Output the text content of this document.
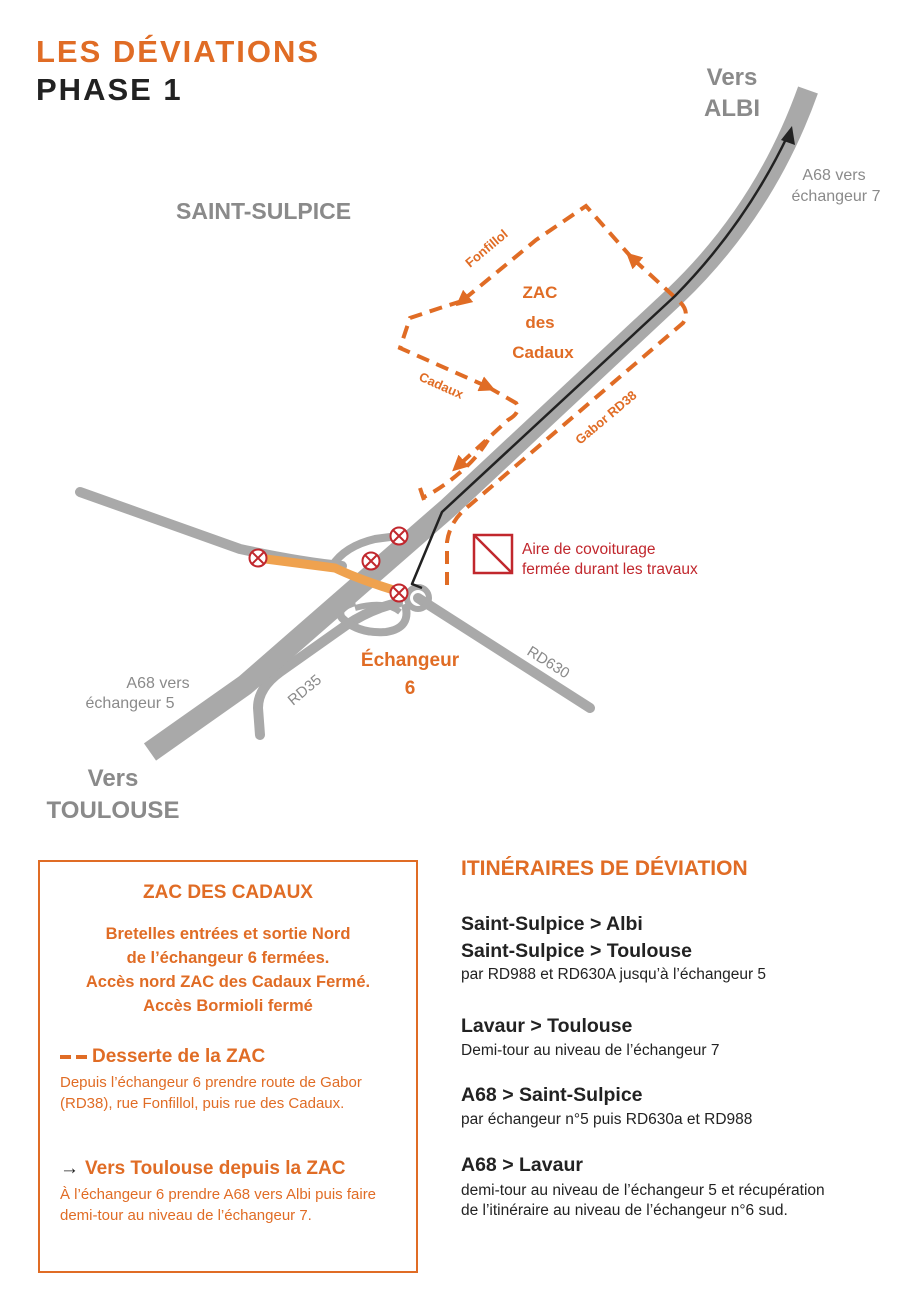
LES DÉVIATIONS
PHASE 1	Vers
ALBI
A68 vers
échangeur 7
SAINT-SULPICE
Fonfillol
ZAC
des
Cadaux
Cadaux
Gabor RD38
Aire de covoiturage
fermée durant les travaux
RD630
RD35
Échangeur
6
A68 vers
échangeur 5
Vers
TOULOUSE
ZAC DES CADAUX
Bretelles entrées et sortie Nord
de l’échangeur 6 fermées.
Accès nord ZAC des Cadaux Fermé.
Accès Bormioli fermé
Desserte de la ZAC
Depuis l’échangeur 6 prendre route de Gabor (RD38), rue Fonfillol, puis rue des Cadaux.
→ Vers Toulouse depuis la ZAC
À l’échangeur 6 prendre A68 vers Albi puis faire demi-tour au niveau de l’échangeur 7.
ITINÉRAIRES DE DÉVIATION
Saint-Sulpice > Albi
Saint-Sulpice > Toulouse
par RD988 et RD630A jusqu’à l’échangeur 5
Lavaur > Toulouse
Demi-tour au niveau de l’échangeur 7
A68 > Saint-Sulpice
par échangeur n°5 puis RD630a et RD988
A68 > Lavaur
demi-tour au niveau de l’échangeur 5 et récupération
de l’itinéraire au niveau de l’échangeur n°6 sud.
